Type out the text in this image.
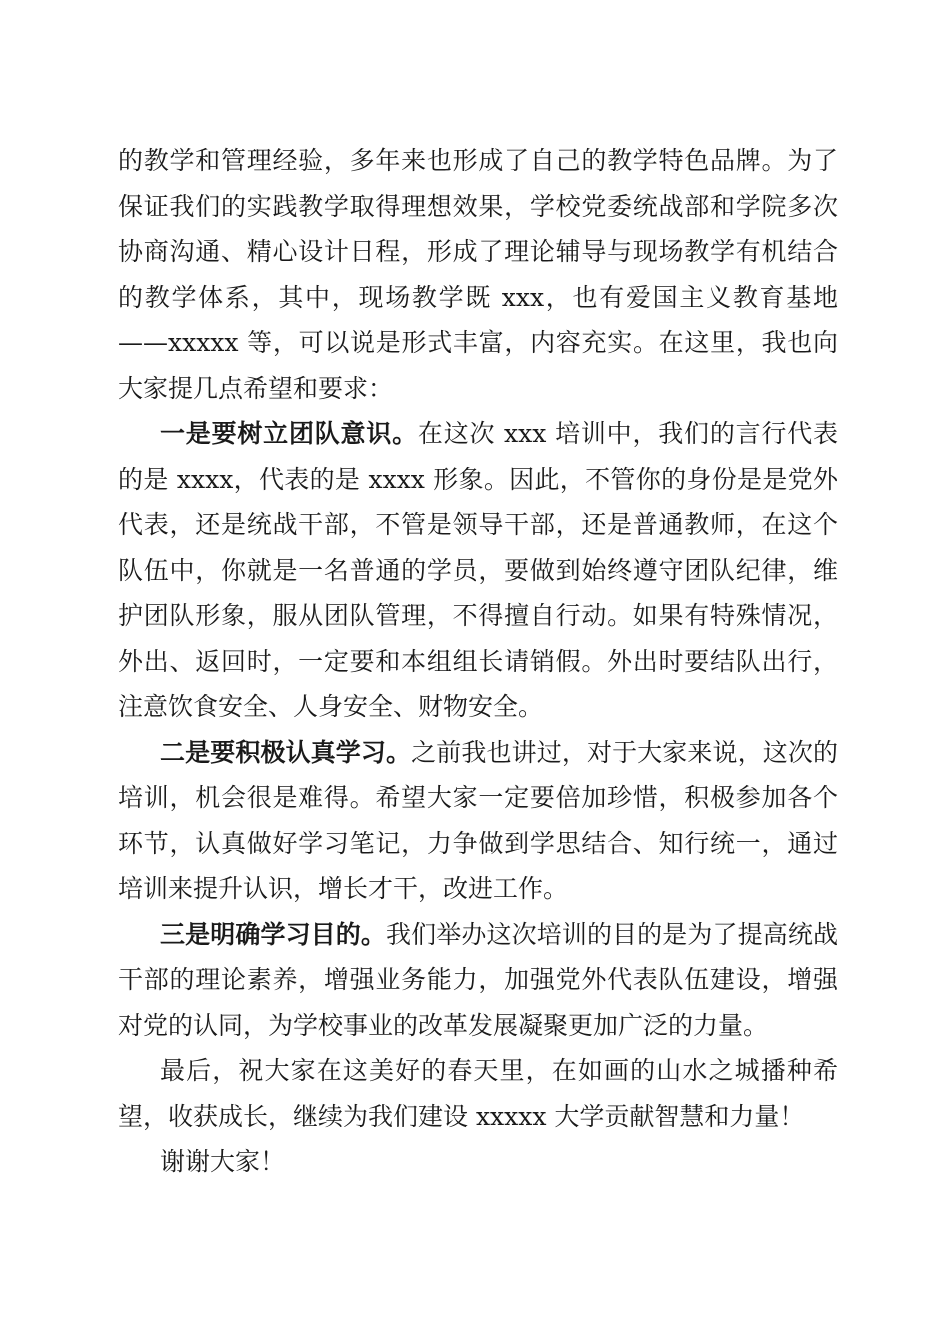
的教学和管理经验，多年来也形成了自己的教学特色品牌。为了保证我们的实践教学取得理想效果，学校党委统战部和学院多次协商沟通、精心设计日程，形成了理论辅导与现场教学有机结合的教学体系，其中，现场教学既 xxx，也有爱国主义教育基地——xxxxx 等，可以说是形式丰富，内容充实。在这里，我也向大家提几点希望和要求：

一是要树立团队意识。在这次 xxx 培训中，我们的言行代表的是 xxxx，代表的是 xxxx 形象。因此，不管你的身份是是党外代表，还是统战干部，不管是领导干部，还是普通教师，在这个队伍中，你就是一名普通的学员，要做到始终遵守团队纪律，维护团队形象，服从团队管理，不得擅自行动。如果有特殊情况，外出、返回时，一定要和本组组长请销假。外出时要结队出行，注意饮食安全、人身安全、财物安全。

二是要积极认真学习。之前我也讲过，对于大家来说，这次的培训，机会很是难得。希望大家一定要倍加珍惜，积极参加各个环节，认真做好学习笔记，力争做到学思结合、知行统一，通过培训来提升认识，增长才干，改进工作。

三是明确学习目的。我们举办这次培训的目的是为了提高统战干部的理论素养，增强业务能力，加强党外代表队伍建设，增强对党的认同，为学校事业的改革发展凝聚更加广泛的力量。

最后，祝大家在这美好的春天里，在如画的山水之城播种希望，收获成长，继续为我们建设 xxxxx 大学贡献智慧和力量！

谢谢大家！
